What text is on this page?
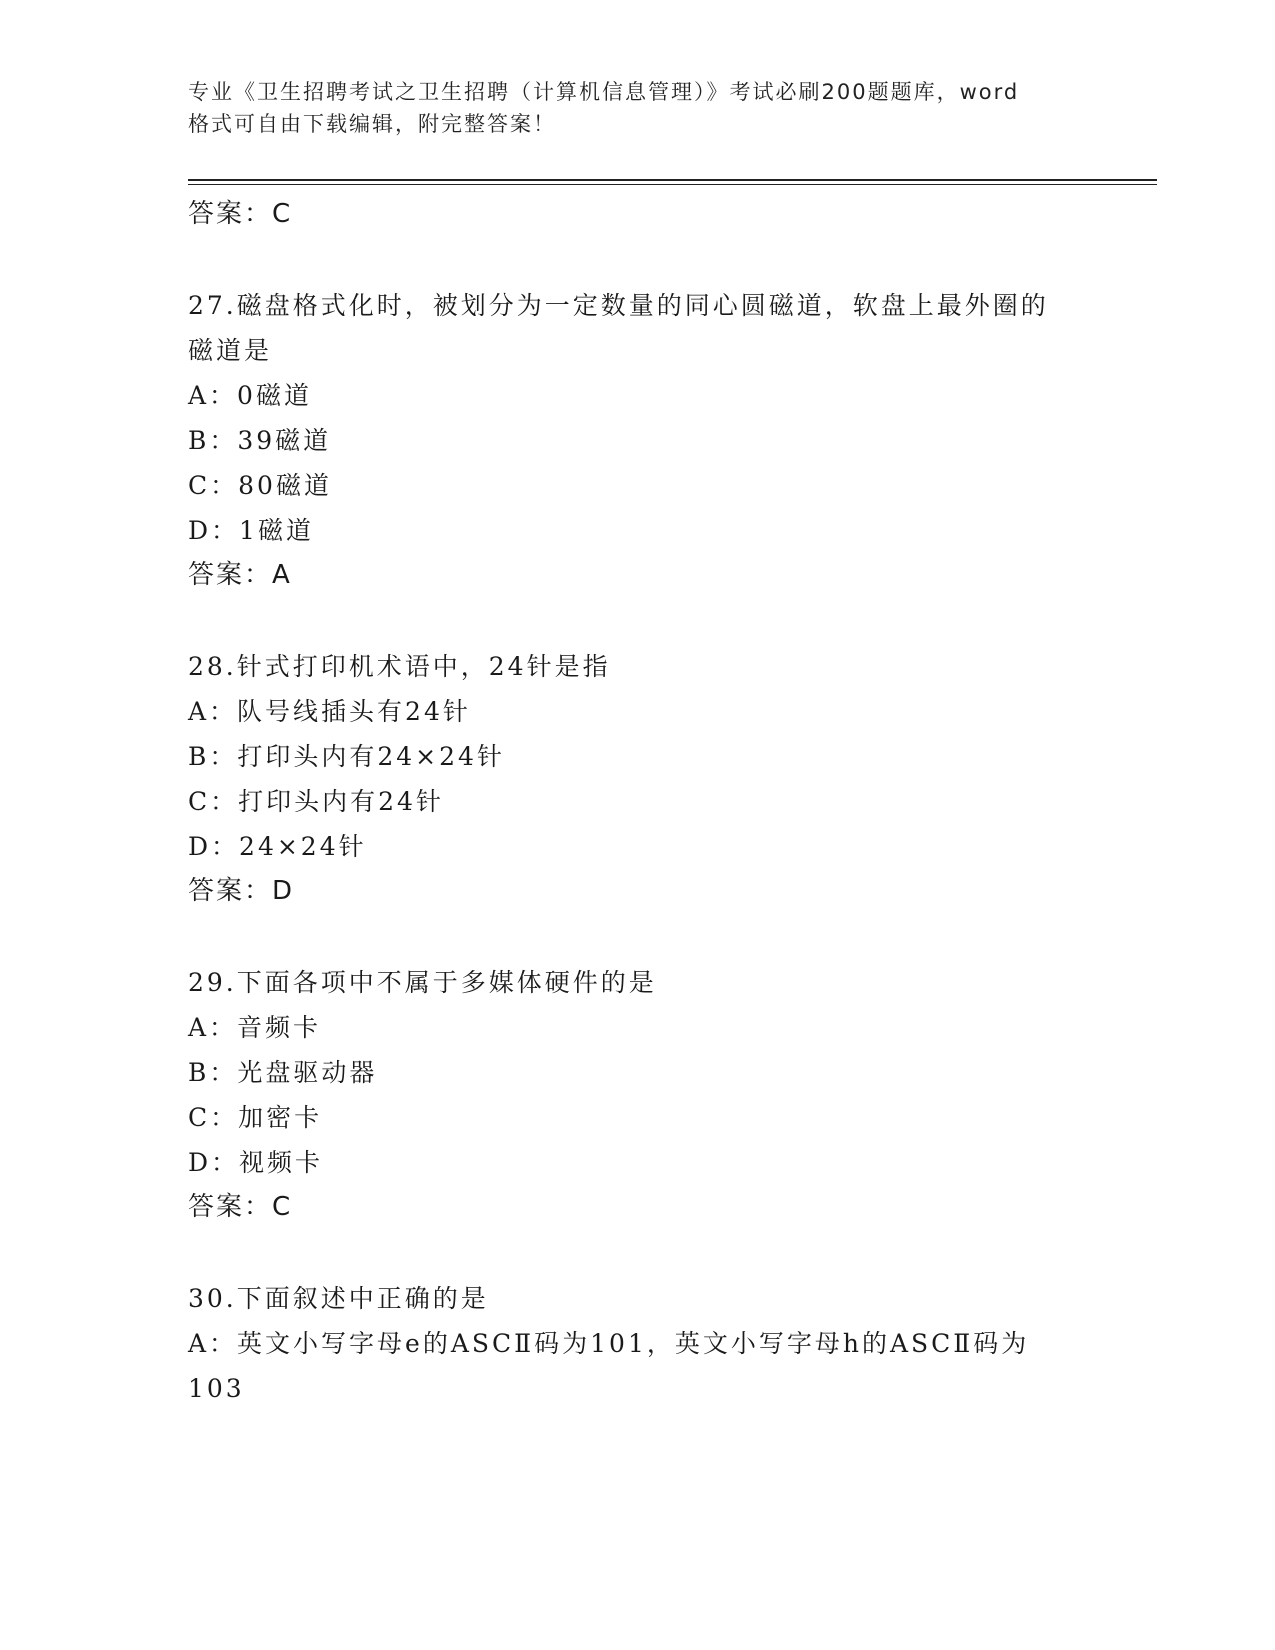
专业《卫生招聘考试之卫生招聘（计算机信息管理）》考试必刷200题题库，word
格式可自由下载编辑，附完整答案！
答案：C
27.磁盘格式化时，被划分为一定数量的同心圆磁道，软盘上最外圈的
磁道是
A：0磁道
B：39磁道
C：80磁道
D：1磁道
答案：A
28.针式打印机术语中，24针是指
A：队号线插头有24针
B：打印头内有24×24针
C：打印头内有24针
D：24×24针
答案：D
29.下面各项中不属于多媒体硬件的是
A：音频卡
B：光盘驱动器
C：加密卡
D：视频卡
答案：C
30.下面叙述中正确的是
A：英文小写字母e的ASCⅡ码为101，英文小写字母h的ASCⅡ码为
103
